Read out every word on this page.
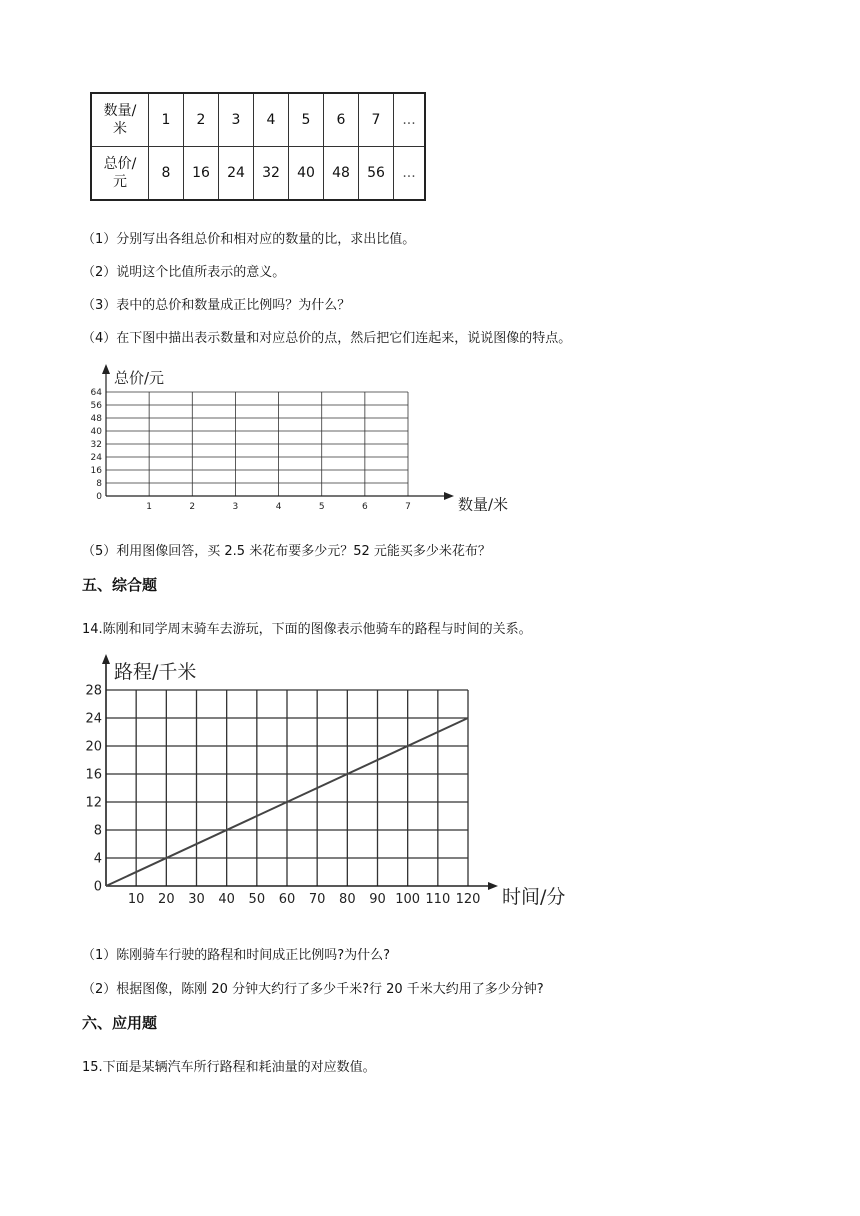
数量/
米	1	2	3	4	5	6	7	...
总价/
元	8	16	24	32	40	48	56	...
（1）分别写出各组总价和相对应的数量的比，求出比值。
（2）说明这个比值所表示的意义。
（3）表中的总价和数量成正比例吗？为什么？
（4）在下图中描出表示数量和对应总价的点，然后把它们连起来，说说图像的特点。
0
8
16
24
32
40
48
56
64
1	2	3	4	5	6	7
总价/元
数量/米
（5）利用图像回答，买 2.5 米花布要多少元？52 元能买多少米花布？
五、综合题
14.陈刚和同学周末骑车去游玩，下面的图像表示他骑车的路程与时间的关系。
0
4
8
12
16
20
24
28
10 20 30 40 50 60 70 80 90 100 110 120
路程/千米
时间/分
（1）陈刚骑车行驶的路程和时间成正比例吗?为什么?
（2）根据图像，陈刚 20 分钟大约行了多少千米?行 20 千米大约用了多少分钟?
六、应用题
15.下面是某辆汽车所行路程和耗油量的对应数值。
